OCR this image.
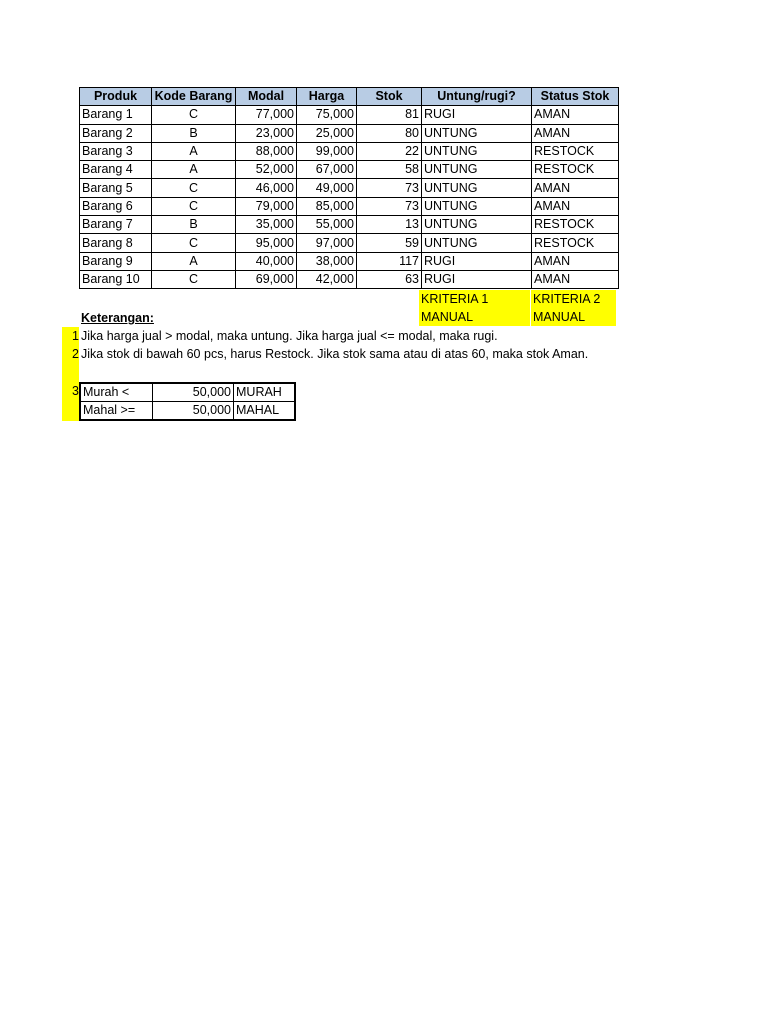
Produk	Kode Barang	Modal	Harga	Stok	Untung/rugi?	Status Stok
Barang 1	C	77,000	75,000	81	RUGI	AMAN
Barang 2	B	23,000	25,000	80	UNTUNG	AMAN
Barang 3	A	88,000	99,000	22	UNTUNG	RESTOCK
Barang 4	A	52,000	67,000	58	UNTUNG	RESTOCK
Barang 5	C	46,000	49,000	73	UNTUNG	AMAN
Barang 6	C	79,000	85,000	73	UNTUNG	AMAN
Barang 7	B	35,000	55,000	13	UNTUNG	RESTOCK
Barang 8	C	95,000	97,000	59	UNTUNG	RESTOCK
Barang 9	A	40,000	38,000	117	RUGI	AMAN
Barang 10	C	69,000	42,000	63	RUGI	AMAN
KRITERIA 1
MANUAL
KRITERIA 2
MANUAL
Keterangan:
1 Jika harga jual > modal, maka untung. Jika harga jual <= modal, maka rugi.
2 Jika stok di bawah 60 pcs, harus Restock. Jika stok sama atau di atas 60, maka stok Aman.
3 Murah <	50,000	MURAH
Mahal >=	50,000	MAHAL
